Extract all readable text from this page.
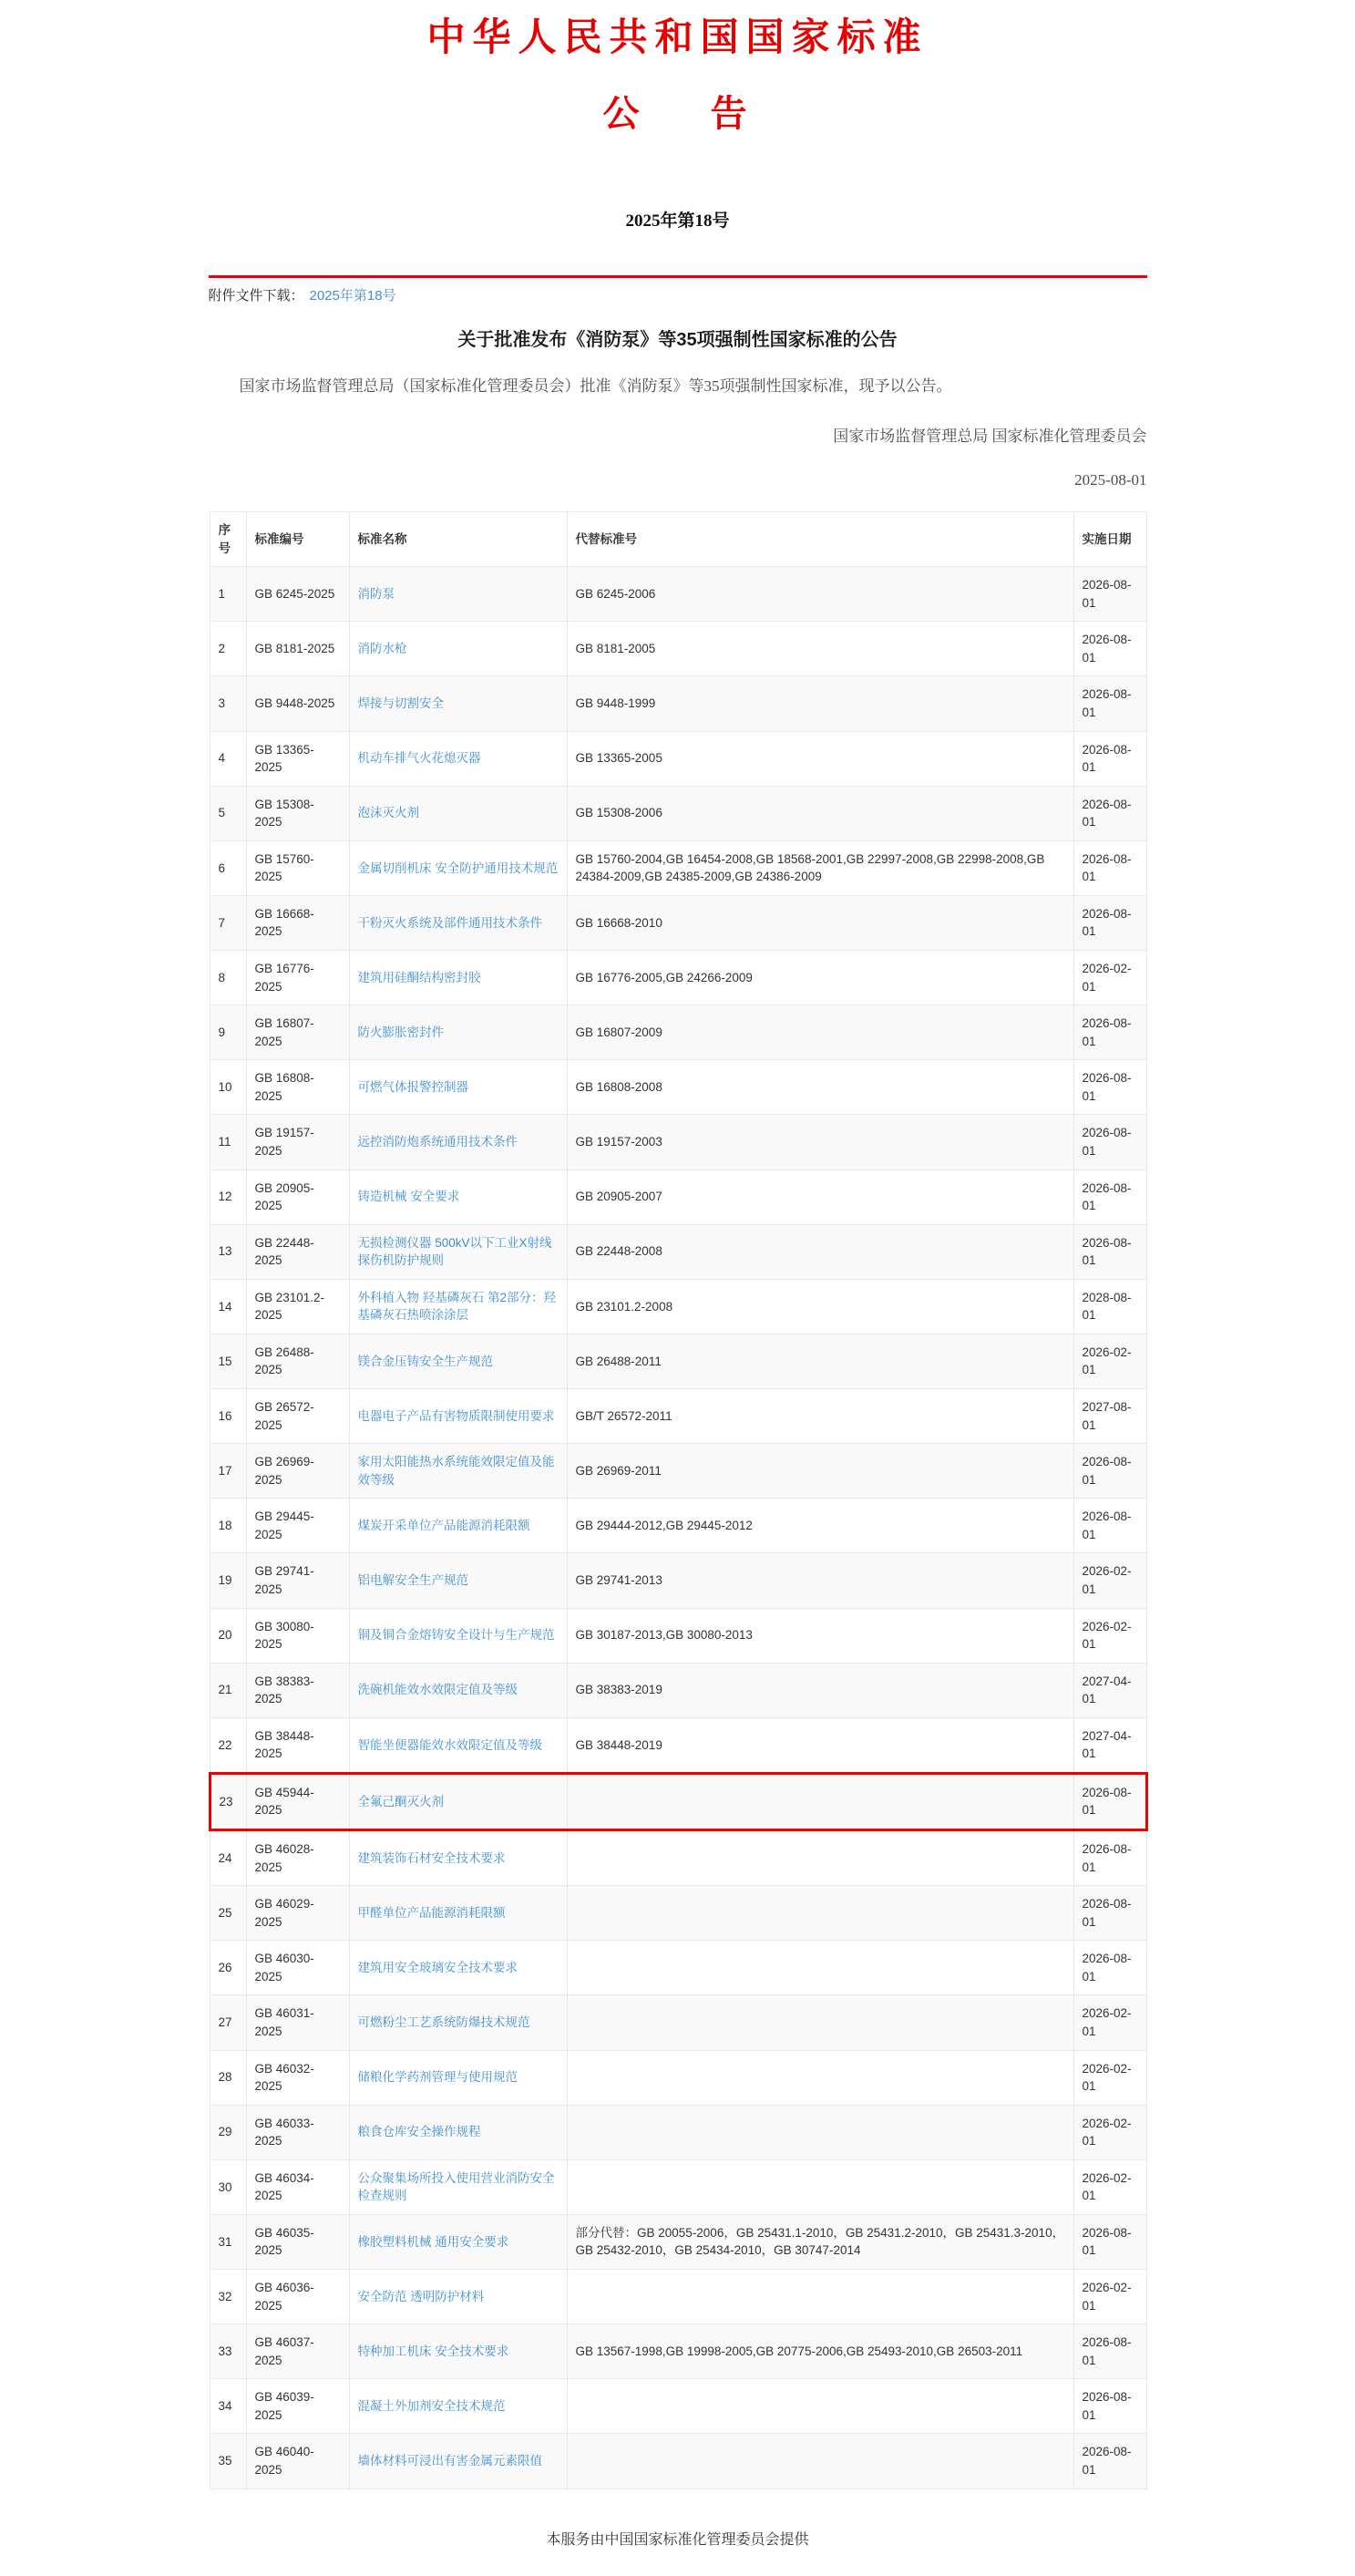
中华人民共和国国家标准
公 告
2025年第18号
附件文件下载： 2025年第18号
关于批准发布《消防泵》等35项强制性国家标准的公告

国家市场监督管理总局（国家标准化管理委员会）批准《消防泵》等35项强制性国家标准，现予以公告。

国家市场监督管理总局 国家标准化管理委员会
2025-08-01
序号	标准编号	标准名称	代替标准号	实施日期
1	GB 6245-2025	消防泵	GB 6245-2006	2026-08-01
2	GB 8181-2025	消防水枪	GB 8181-2005	2026-08-01
3	GB 9448-2025	焊接与切割安全	GB 9448-1999	2026-08-01
4	GB 13365-2025	机动车排气火花熄灭器	GB 13365-2005	2026-08-01
5	GB 15308-2025	泡沫灭火剂	GB 15308-2006	2026-08-01
6	GB 15760-2025	金属切削机床 安全防护通用技术规范	GB 15760-2004,GB 16454-2008,GB 18568-2001,GB 22997-2008,GB 22998-2008,GB 24384-2009,GB 24385-2009,GB 24386-2009	2026-08-01
7	GB 16668-2025	干粉灭火系统及部件通用技术条件	GB 16668-2010	2026-08-01
8	GB 16776-2025	建筑用硅酮结构密封胶	GB 16776-2005,GB 24266-2009	2026-02-01
9	GB 16807-2025	防火膨胀密封件	GB 16807-2009	2026-08-01
10	GB 16808-2025	可燃气体报警控制器	GB 16808-2008	2026-08-01
11	GB 19157-2025	远控消防炮系统通用技术条件	GB 19157-2003	2026-08-01
12	GB 20905-2025	铸造机械 安全要求	GB 20905-2007	2026-08-01
13	GB 22448-2025	无损检测仪器 500kV以下工业X射线探伤机防护规则	GB 22448-2008	2026-08-01
14	GB 23101.2-2025	外科植入物 羟基磷灰石 第2部分：羟基磷灰石热喷涂涂层	GB 23101.2-2008	2028-08-01
15	GB 26488-2025	镁合金压铸安全生产规范	GB 26488-2011	2026-02-01
16	GB 26572-2025	电器电子产品有害物质限制使用要求	GB/T 26572-2011	2027-08-01
17	GB 26969-2025	家用太阳能热水系统能效限定值及能效等级	GB 26969-2011	2026-08-01
18	GB 29445-2025	煤炭开采单位产品能源消耗限额	GB 29444-2012,GB 29445-2012	2026-08-01
19	GB 29741-2025	铝电解安全生产规范	GB 29741-2013	2026-02-01
20	GB 30080-2025	铜及铜合金熔铸安全设计与生产规范	GB 30187-2013,GB 30080-2013	2026-02-01
21	GB 38383-2025	洗碗机能效水效限定值及等级	GB 38383-2019	2027-04-01
22	GB 38448-2025	智能坐便器能效水效限定值及等级	GB 38448-2019	2027-04-01
23	GB 45944-2025	全氟己酮灭火剂		2026-08-01
24	GB 46028-2025	建筑装饰石材安全技术要求		2026-08-01
25	GB 46029-2025	甲醛单位产品能源消耗限额		2026-08-01
26	GB 46030-2025	建筑用安全玻璃安全技术要求		2026-08-01
27	GB 46031-2025	可燃粉尘工艺系统防爆技术规范		2026-02-01
28	GB 46032-2025	储粮化学药剂管理与使用规范		2026-02-01
29	GB 46033-2025	粮食仓库安全操作规程		2026-02-01
30	GB 46034-2025	公众聚集场所投入使用营业消防安全检查规则		2026-02-01
31	GB 46035-2025	橡胶塑料机械 通用安全要求	部分代替：GB 20055-2006，GB 25431.1-2010，GB 25431.2-2010，GB 25431.3-2010，GB 25432-2010，GB 25434-2010，GB 30747-2014	2026-08-01
32	GB 46036-2025	安全防范 透明防护材料		2026-02-01
33	GB 46037-2025	特种加工机床 安全技术要求	GB 13567-1998,GB 19998-2005,GB 20775-2006,GB 25493-2010,GB 26503-2011	2026-08-01
34	GB 46039-2025	混凝土外加剂安全技术规范		2026-08-01
35	GB 46040-2025	墙体材料可浸出有害金属元素限值		2026-08-01
本服务由中国国家标准化管理委员会提供
